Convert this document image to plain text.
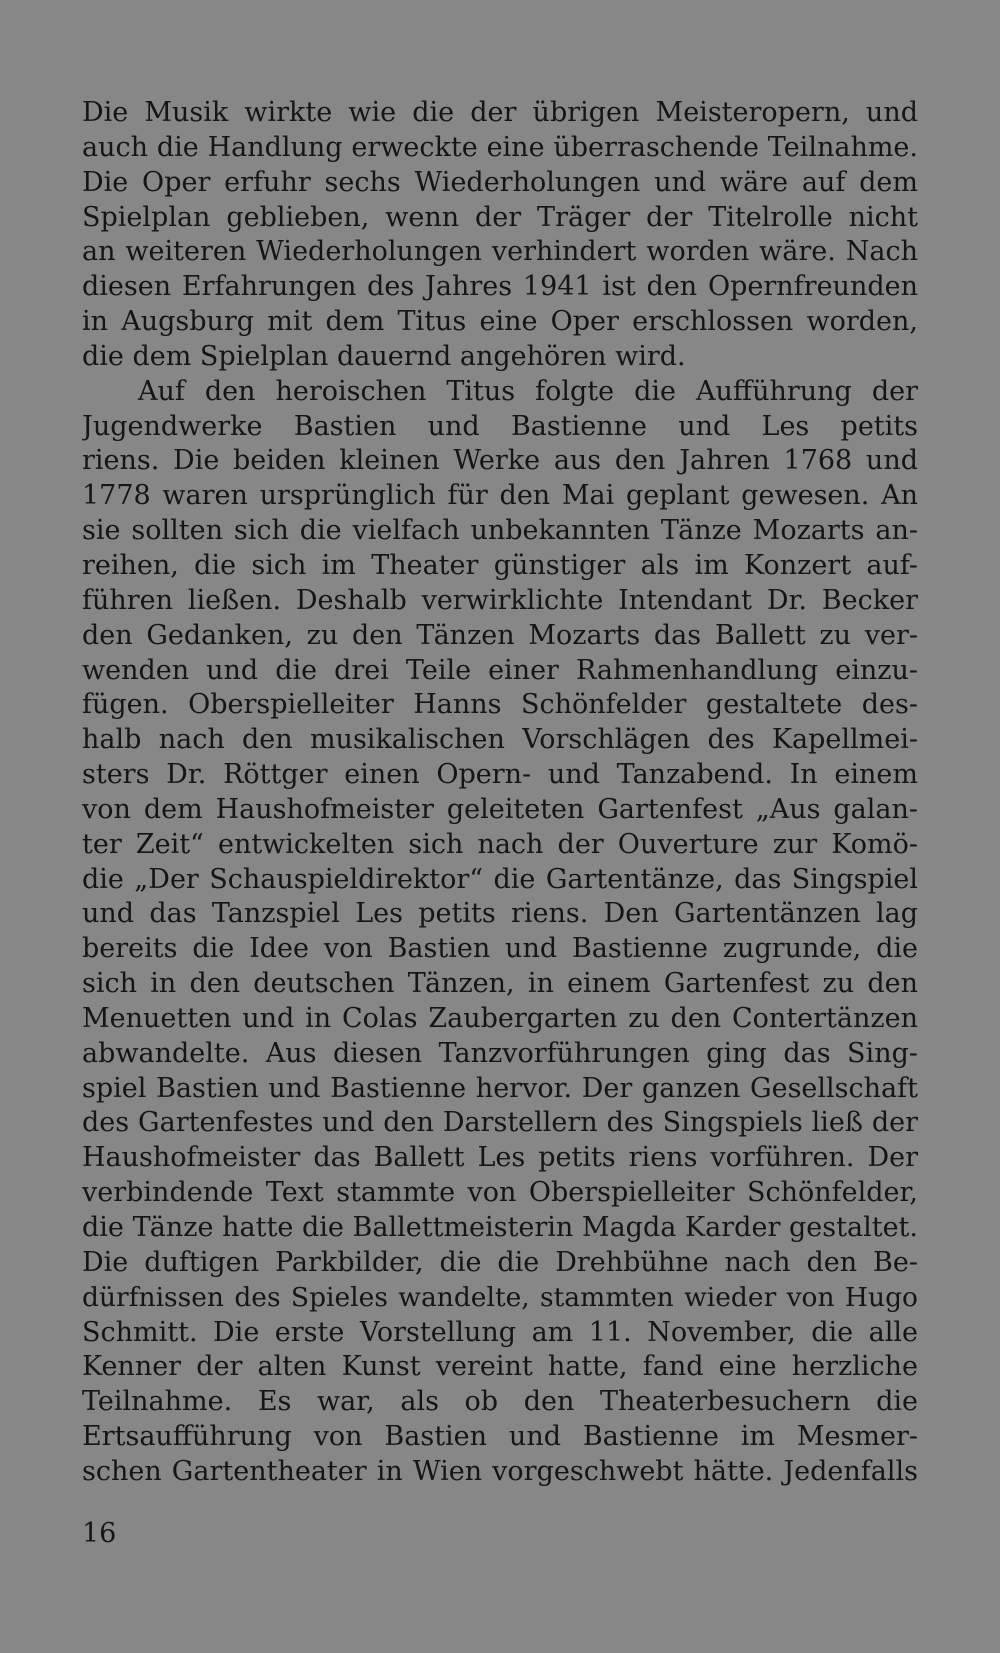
Die Musik wirkte wie die der übrigen Meisteropern, und
auch die Handlung erweckte eine überraschende Teilnahme.
Die Oper erfuhr sechs Wiederholungen und wäre auf dem
Spielplan geblieben, wenn der Träger der Titelrolle nicht
an weiteren Wiederholungen verhindert worden wäre. Nach
diesen Erfahrungen des Jahres 1941 ist den Opernfreunden
in Augsburg mit dem Titus eine Oper erschlossen worden,
die dem Spielplan dauernd angehören wird.
Auf den heroischen Titus folgte die Aufführung der
Jugendwerke Bastien und Bastienne und Les petits
riens. Die beiden kleinen Werke aus den Jahren 1768 und
1778 waren ursprünglich für den Mai geplant gewesen. An
sie sollten sich die vielfach unbekannten Tänze Mozarts an-
reihen, die sich im Theater günstiger als im Konzert auf-
führen ließen. Deshalb verwirklichte Intendant Dr. Becker
den Gedanken, zu den Tänzen Mozarts das Ballett zu ver-
wenden und die drei Teile einer Rahmenhandlung einzu-
fügen. Oberspielleiter Hanns Schönfelder gestaltete des-
halb nach den musikalischen Vorschlägen des Kapellmei-
sters Dr. Röttger einen Opern- und Tanzabend. In einem
von dem Haushofmeister geleiteten Gartenfest „Aus galan-
ter Zeit“ entwickelten sich nach der Ouverture zur Komö-
die „Der Schauspieldirektor“ die Gartentänze, das Singspiel
und das Tanzspiel Les petits riens. Den Gartentänzen lag
bereits die Idee von Bastien und Bastienne zugrunde, die
sich in den deutschen Tänzen, in einem Gartenfest zu den
Menuetten und in Colas Zaubergarten zu den Contertänzen
abwandelte. Aus diesen Tanzvorführungen ging das Sing-
spiel Bastien und Bastienne hervor. Der ganzen Gesellschaft
des Gartenfestes und den Darstellern des Singspiels ließ der
Haushofmeister das Ballett Les petits riens vorführen. Der
verbindende Text stammte von Oberspielleiter Schönfelder,
die Tänze hatte die Ballettmeisterin Magda Karder gestaltet.
Die duftigen Parkbilder, die die Drehbühne nach den Be-
dürfnissen des Spieles wandelte, stammten wieder von Hugo
Schmitt. Die erste Vorstellung am 11. November, die alle
Kenner der alten Kunst vereint hatte, fand eine herzliche
Teilnahme. Es war, als ob den Theaterbesuchern die
Ertsaufführung von Bastien und Bastienne im Mesmer-
schen Gartentheater in Wien vorgeschwebt hätte. Jedenfalls
16
